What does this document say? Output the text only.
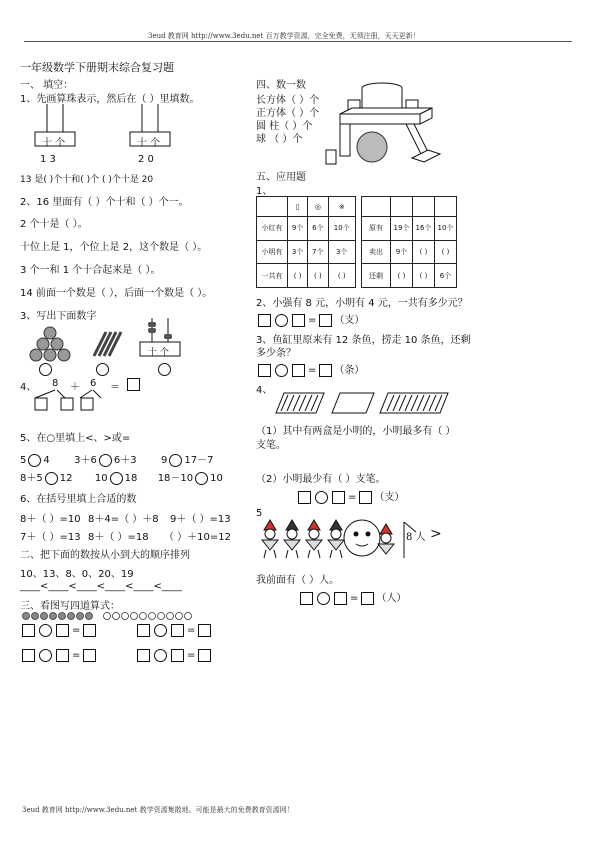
3eud 教育网 http://www.3edu.net 百万教学资源，完全免费，无须注册，天天更新！
一年级数学下册期末综合复习题
一、 填空：
1、先画算珠表示，然后在（ ）里填数。
十 个
1 3
十 个
2 0
13 是( )个十和( )个 ( )个十是 20
2、16 里面有（ ）个十和（ ）个一。
2 个十是（ ）。
十位上是 1，个位上是 2，这个数是（ ）。
3 个一和 1 个十合起来是（ ）。
14 前面一个数是（ ），后面一个数是（ ）。
3、写出下面数字
十 个
4、 8 ＋ 6 ＝
5、在○里填上<、>或=
5 4 3＋6 6＋3 9 17－7
8＋5 12 10 18 18－10 10
6、在括号里填上合适的数
8＋（ ）=10 8＋4=（ ）＋8 9＋（ ）=13
7＋（ ）=13 8＋（ ）=18 （ ）＋10=12
二、把下面的数按从小到大的顺序排列
10、13、8、0、20、19
____<____<____<____<____<____
三、看图写四道算式：
=	=
=	=
四、数一数
长方体（ ）个
正方体（ ）个
圆 柱（ ）个
球 （ ）个
五、应用题
1、
	▯	◎	※
小红有	9个	6个	10个
小明有	3个	7个	3个
一共有	( )	( )	( )

原有	19个	16个	10个
卖出	9个	( )	( )
还剩	( )	( )	6个
2、小强有 8 元，小明有 4 元，一共有多少元？
= （支）
3、鱼缸里原来有 12 条鱼，捞走 10 条鱼，还剩
多少条？
= （条）
4、
（1）其中有两盒是小明的，小明最多有（ ）
支笔。
（2）小明最少有（ ）支笔。
= （支）
5
8 人 >
我前面有（ ）人。
= （人）
3eud 教育网 http://www.3edu.net 教学资源集散地。可能是最大的免费教育资源网！
